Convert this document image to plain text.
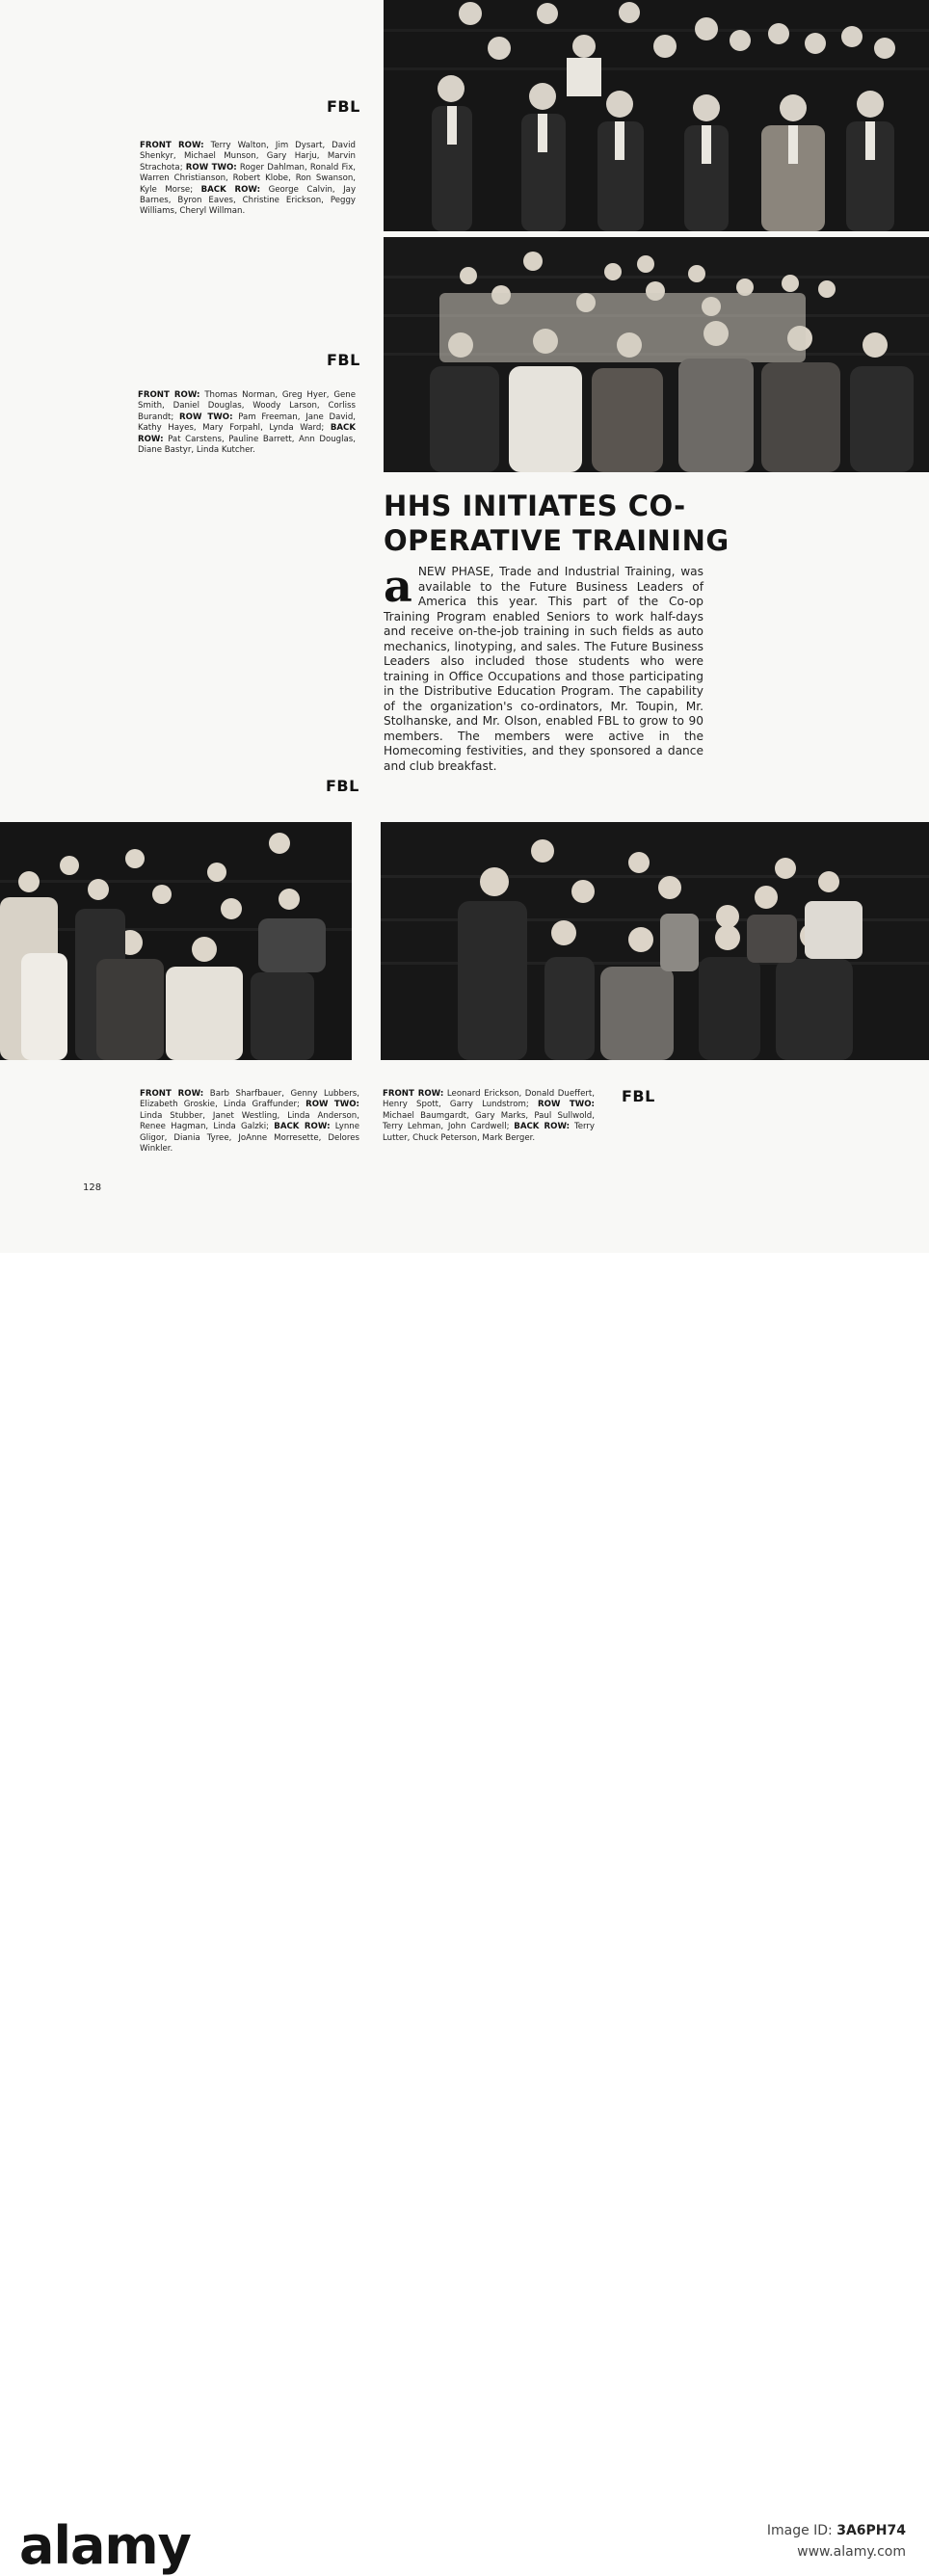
FBL
FRONT ROW: Terry Walton, Jim Dysart, David Shenkyr, Michael Munson, Gary Harju, Marvin Strachota; ROW TWO: Roger Dahlman, Ronald Fix, Warren Christianson, Robert Klobe, Ron Swanson, Kyle Morse; BACK ROW: George Calvin, Jay Barnes, Byron Eaves, Christine Erickson, Peggy Williams, Cheryl Willman.
FBL
FRONT ROW: Thomas Norman, Greg Hyer, Gene Smith, Daniel Douglas, Woody Larson, Corliss Burandt; ROW TWO: Pam Freeman, Jane David, Kathy Hayes, Mary Forpahl, Lynda Ward; BACK ROW: Pat Carstens, Pauline Barrett, Ann Douglas, Diane Bastyr, Linda Kutcher.
HHS INITIATES CO-
OPERATIVE TRAINING
a NEW PHASE, Trade and Industrial Training, was available to the Future Business Leaders of America this year. This part of the Co-op Training Program enabled Seniors to work half-days and receive on-the-job training in such fields as auto mechanics, linotyping, and sales. The Future Business Leaders also included those students who were training in Office Occupations and those participating in the Distributive Education Program. The capability of the organization's co-ordinators, Mr. Toupin, Mr. Stolhanske, and Mr. Olson, enabled FBL to grow to 90 members. The members were active in the Homecoming festivities, and they sponsored a dance and club breakfast.
FBL
FRONT ROW: Barb Sharfbauer, Genny Lubbers, Elizabeth Groskie, Linda Graffunder; ROW TWO: Linda Stubber, Janet Westling, Linda Anderson, Renee Hagman, Linda Galzki; BACK ROW: Lynne Gligor, Diania Tyree, JoAnne Morresette, Delores Winkler.
FRONT ROW: Leonard Erickson, Donald Dueffert, Henry Spott, Garry Lundstrom; ROW TWO: Michael Baumgardt, Gary Marks, Paul Sullwold, Terry Lehman, John Cardwell; BACK ROW: Terry Lutter, Chuck Peterson, Mark Berger.
FBL
128
alamy	Image ID: 3A6PH74
www.alamy.com
